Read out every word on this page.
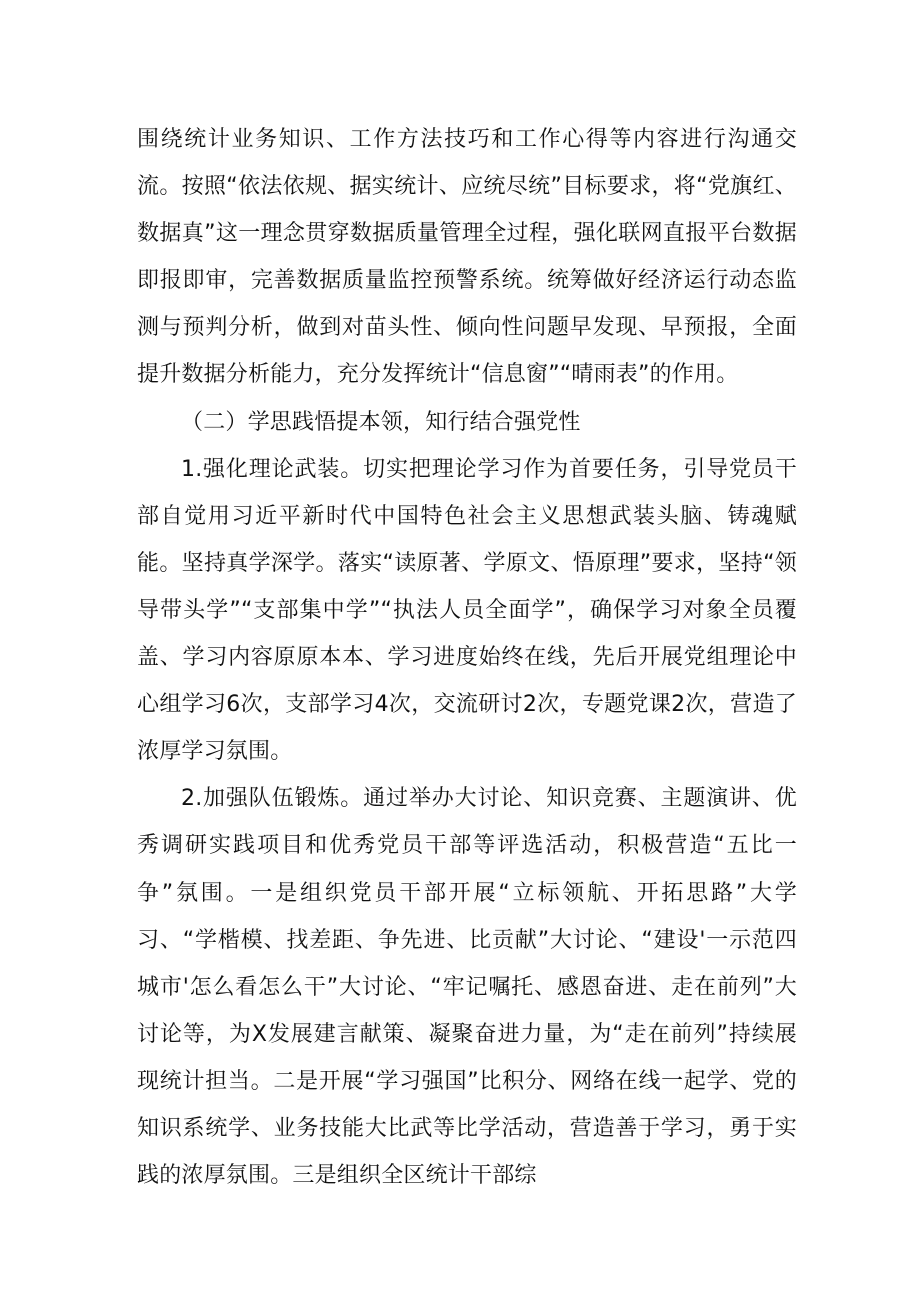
围绕统计业务知识、工作方法技巧和工作心得等内容进行沟通交流。按照“依法依规、据实统计、应统尽统”目标要求，将“党旗红、数据真”这一理念贯穿数据质量管理全过程，强化联网直报平台数据即报即审，完善数据质量监控预警系统。统筹做好经济运行动态监测与预判分析，做到对苗头性、倾向性问题早发现、早预报，全面提升数据分析能力，充分发挥统计“信息窗”“晴雨表”的作用。

（二）学思践悟提本领，知行结合强党性

1.强化理论武装。切实把理论学习作为首要任务，引导党员干部自觉用习近平新时代中国特色社会主义思想武装头脑、铸魂赋能。坚持真学深学。落实“读原著、学原文、悟原理”要求，坚持“领导带头学”“支部集中学”“执法人员全面学”，确保学习对象全员覆盖、学习内容原原本本、学习进度始终在线，先后开展党组理论中心组学习6次，支部学习4次，交流研讨2次，专题党课2次，营造了浓厚学习氛围。

2.加强队伍锻炼。通过举办大讨论、知识竞赛、主题演讲、优秀调研实践项目和优秀党员干部等评选活动，积极营造“五比一争”氛围。一是组织党员干部开展“立标领航、开拓思路”大学习、“学楷模、找差距、争先进、比贡献”大讨论、“建设'一示范四城市'怎么看怎么干”大讨论、“牢记嘱托、感恩奋进、走在前列”大讨论等，为X发展建言献策、凝聚奋进力量，为“走在前列”持续展现统计担当。二是开展“学习强国”比积分、网络在线一起学、党的知识系统学、业务技能大比武等比学活动，营造善于学习，勇于实践的浓厚氛围。三是组织全区统计干部综
